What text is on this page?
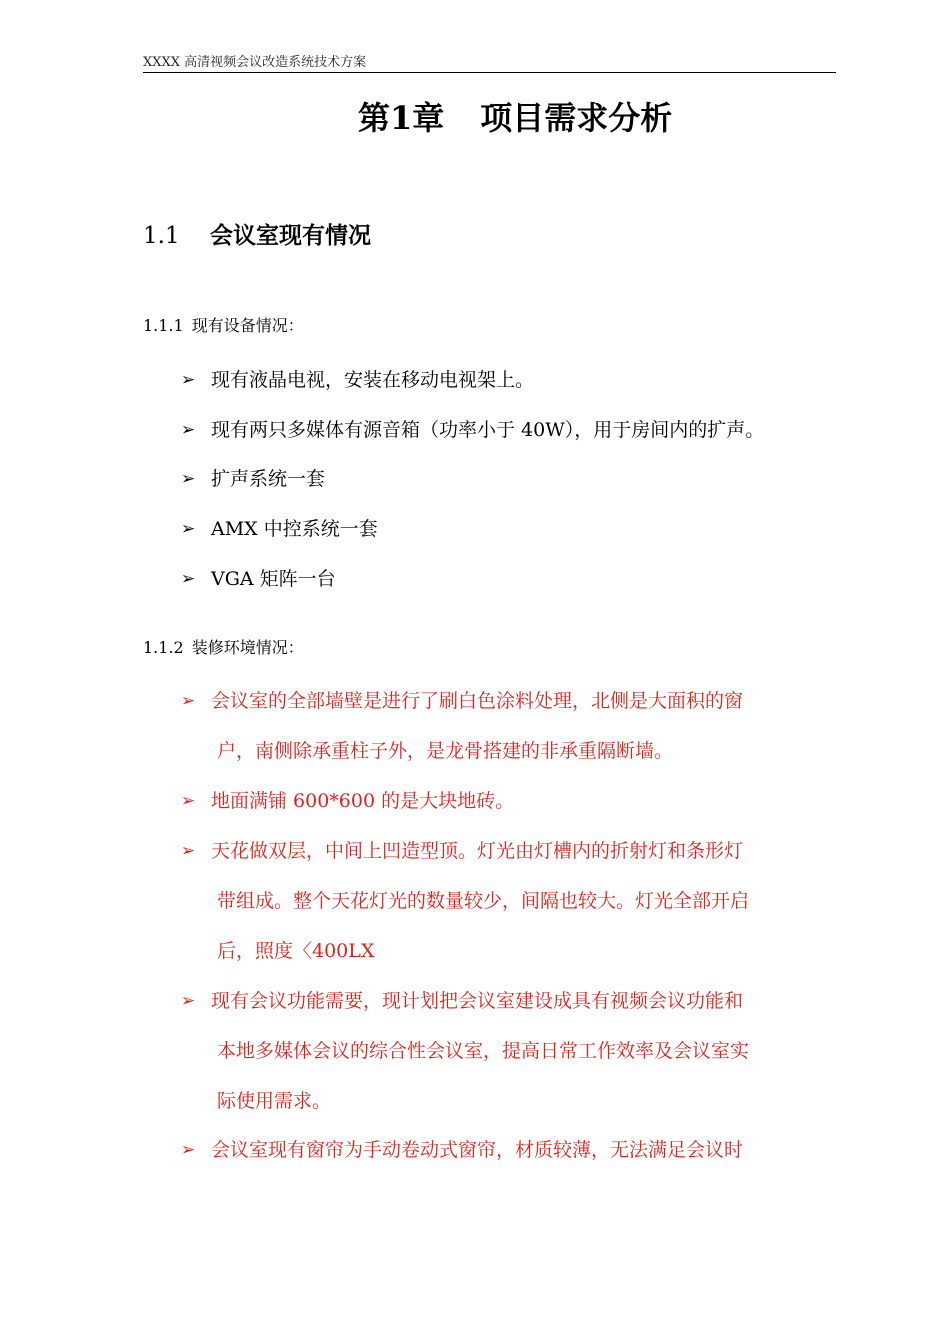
XXXX 高清视频会议改造系统技术方案
第1章 项目需求分析
1.1 会议室现有情况
1.1.1 现有设备情况：
➢ 现有液晶电视，安装在移动电视架上。
➢ 现有两只多媒体有源音箱（功率小于 40W），用于房间内的扩声。
➢ 扩声系统一套
➢ AMX 中控系统一套
➢ VGA 矩阵一台
1.1.2 装修环境情况：
➢ 会议室的全部墙壁是进行了刷白色涂料处理，北侧是大面积的窗
户，南侧除承重柱子外，是龙骨搭建的非承重隔断墙。
➢ 地面满铺 600*600 的是大块地砖。
➢ 天花做双层，中间上凹造型顶。灯光由灯槽内的折射灯和条形灯
带组成。整个天花灯光的数量较少，间隔也较大。灯光全部开启
后，照度〈400LX
➢ 现有会议功能需要，现计划把会议室建设成具有视频会议功能和
本地多媒体会议的综合性会议室，提高日常工作效率及会议室实
际使用需求。
➢ 会议室现有窗帘为手动卷动式窗帘，材质较薄，无法满足会议时
